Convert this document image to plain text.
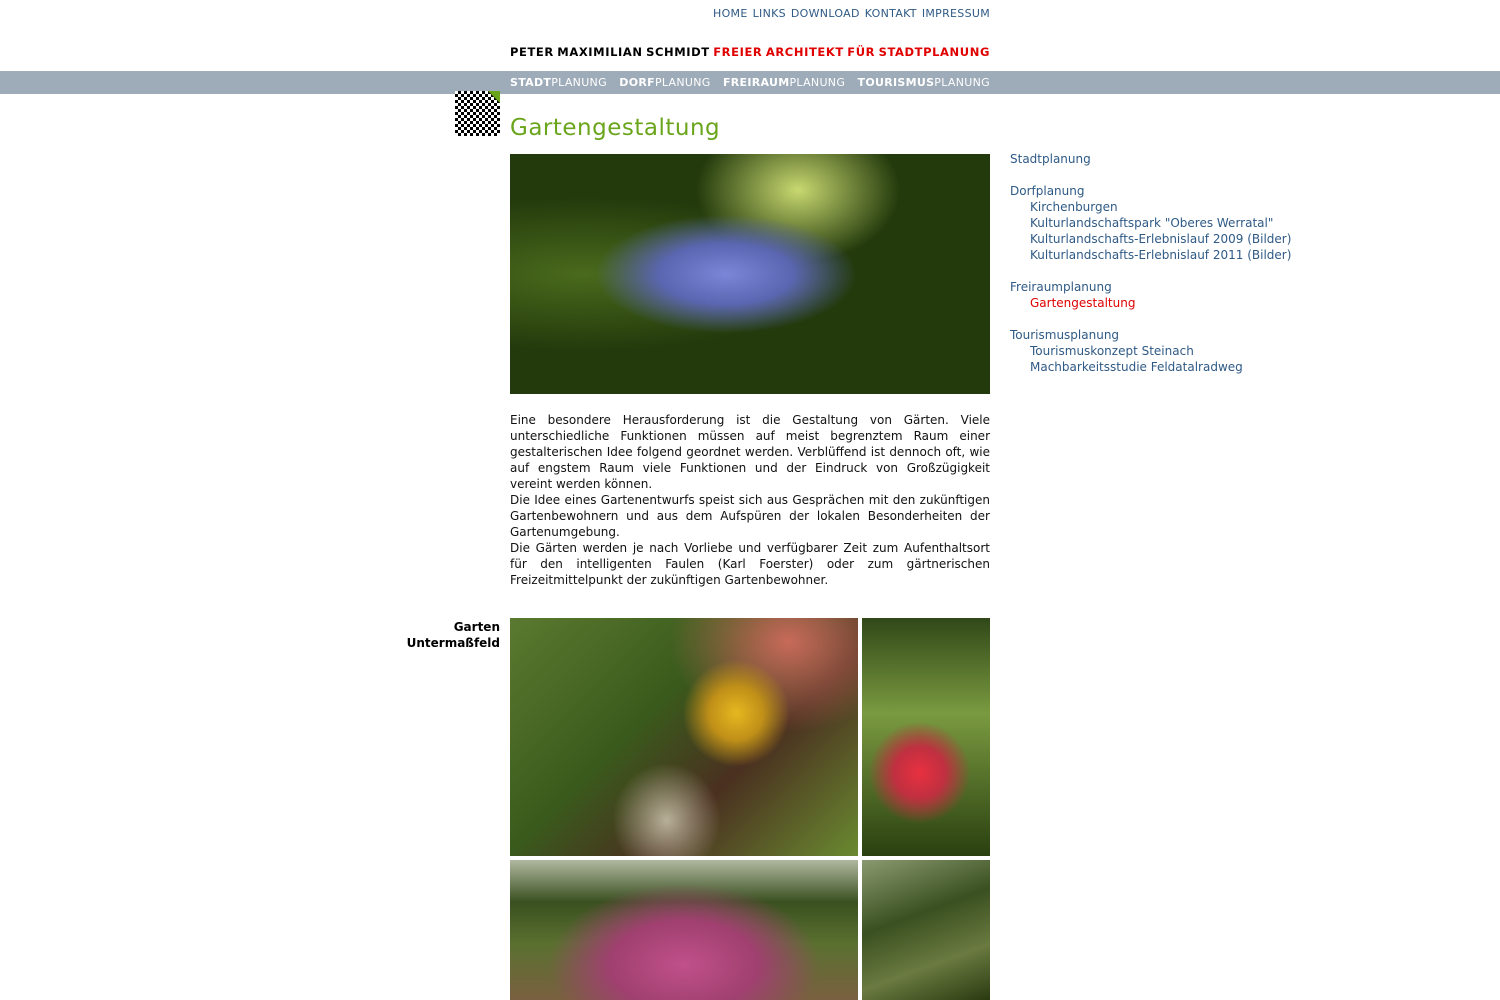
HOME LINKS DOWNLOAD KONTAKT IMPRESSUM
PETER MAXIMILIAN SCHMIDT FREIER ARCHITEKT FÜR STADTPLANUNG
STADTPLANUNG DORFPLANUNG FREIRAUMPLANUNG TOURISMUSPLANUNG
Gartengestaltung

Eine besondere Herausforderung ist die Gestaltung von Gärten. Viele unterschiedliche Funktionen müssen auf meist begrenztem Raum einer gestalterischen Idee folgend geordnet werden. Verblüffend ist dennoch oft, wie auf engstem Raum viele Funktionen und der Eindruck von Großzügigkeit vereint werden können.

Die Idee eines Gartenentwurfs speist sich aus Gesprächen mit den zukünftigen Gartenbewohnern und aus dem Aufspüren der lokalen Besonderheiten der Gartenumgebung.

Die Gärten werden je nach Vorliebe und verfügbarer Zeit zum Aufenthaltsort für den intelligenten Faulen (Karl Foerster) oder zum gärtnerischen Freizeitmittelpunkt der zukünftigen Gartenbewohner.

Garten
Untermaßfeld
Stadtplanung
Dorfplanung
Kirchenburgen
Kulturlandschaftspark "Oberes Werratal"
Kulturlandschafts-Erlebnislauf 2009 (Bilder)
Kulturlandschafts-Erlebnislauf 2011 (Bilder)
Freiraumplanung
Gartengestaltung
Tourismusplanung
Tourismuskonzept Steinach
Machbarkeitsstudie Feldatalradweg
